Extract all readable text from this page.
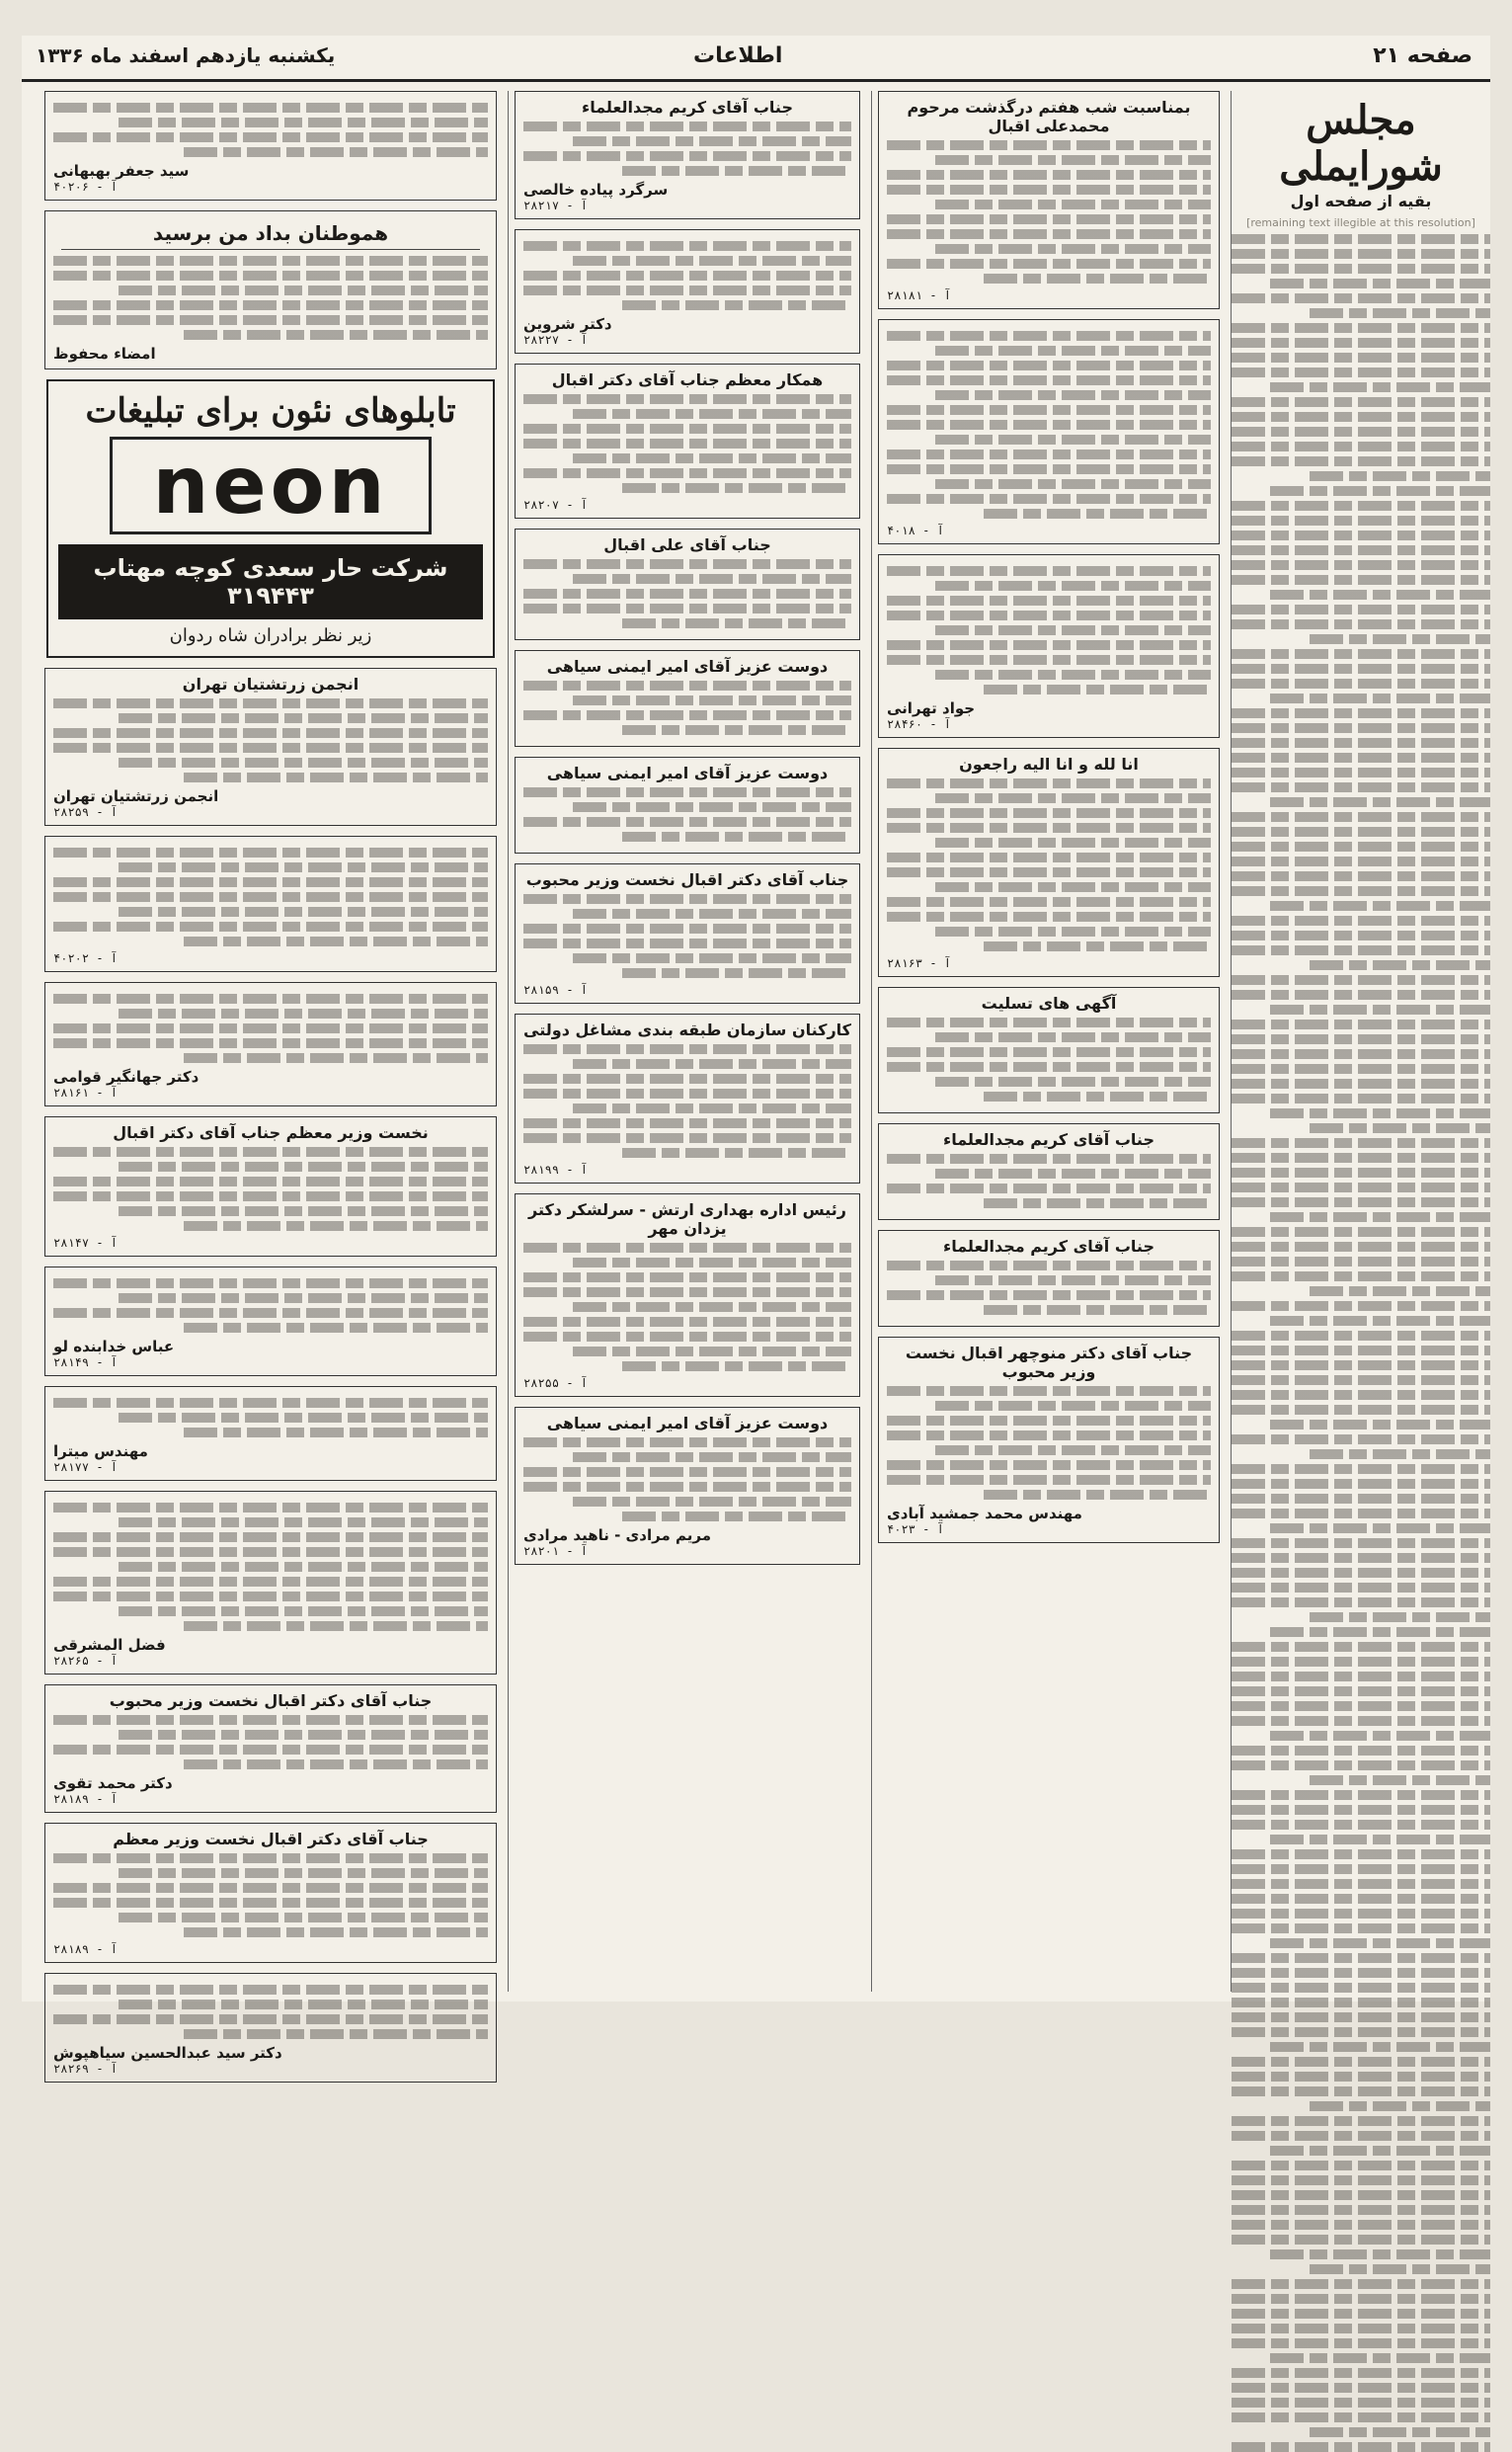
صفحه ۲۱
اطلاعات
یکشنبه یازدهم اسفند ماه ۱۳۳۶
مجلس شورایملی
بقیه از صفحه اول
[remaining text illegible at this resolution]
بمناسبت شب هفتم درگذشت مرحوم محمدعلی اقبال
آ - ۲۸۱۸۱
آ - ۴۰۱۸
جواد تهرانی
آ - ۲۸۴۶۰
انا لله و انا الیه راجعون
آ - ۲۸۱۶۳
آگهی های تسلیت
جناب آقای کریم مجدالعلماء
جناب آقای کریم مجدالعلماء
جناب آقای دکتر منوچهر اقبال نخست وزیر محبوب
مهندس محمد جمشید آبادی
آ - ۴۰۲۳
جناب آقای کریم مجدالعلماء
سرگرد پیاده خالصی
آ - ۲۸۲۱۷
دکتر شروین
آ - ۲۸۲۲۷
همکار معظم جناب آقای دکتر اقبال
آ - ۲۸۲۰۷
جناب آقای علی اقبال
دوست عزیز آقای امیر ایمنی سیاهی
دوست عزیز آقای امیر ایمنی سیاهی
جناب آقای دکتر اقبال نخست وزیر محبوب
آ - ۲۸۱۵۹
کارکنان سازمان طبقه بندی مشاغل دولتی
آ - ۲۸۱۹۹
رئیس اداره بهداری ارتش - سرلشکر دکتر یزدان مهر
آ - ۲۸۲۵۵
دوست عزیز آقای امیر ایمنی سیاهی
مریم مرادی - ناهید مرادی
آ - ۲۸۲۰۱
سید جعفر بهبهانی
آ - ۴۰۲۰۶
هموطنان بداد من برسید
امضاء محفوظ
تابلوهای نئون برای تبلیغات
neon
شرکت حار سعدی کوچه مهتاب ۳۱۹۴۴۳
زیر نظر برادران شاه ردوان
انجمن زرتشتیان تهران
انجمن زرتشتیان تهران
آ - ۲۸۲۵۹
آ - ۴۰۲۰۲
دکتر جهانگیر قوامی
آ - ۲۸۱۶۱
نخست وزیر معظم جناب آقای دکتر اقبال
آ - ۲۸۱۴۷
عباس خدابنده لو
آ - ۲۸۱۴۹
مهندس میترا
آ - ۲۸۱۷۷
فضل المشرقی
آ - ۲۸۲۶۵
جناب آقای دکتر اقبال نخست وزیر محبوب
دکتر محمد تقوی
آ - ۲۸۱۸۹
جناب آقای دکتر اقبال نخست وزیر معظم
آ - ۲۸۱۸۹
دکتر سید عبدالحسین سیاهپوش
آ - ۲۸۲۶۹
